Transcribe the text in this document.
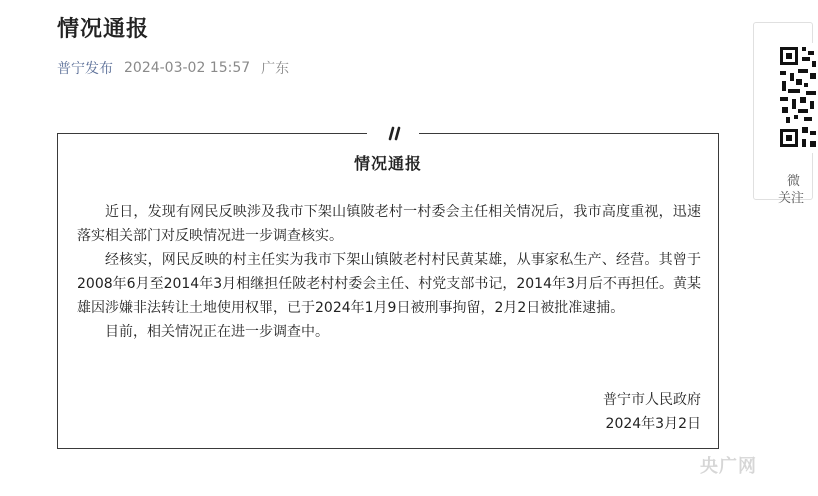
情况通报
普宁发布 2024-03-02 15:57 广东
情况通报

近日，发现有网民反映涉及我市下架山镇陂老村一村委会主任相关情况后，我市高度重视，迅速落实相关部门对反映情况进一步调查核实。

经核实，网民反映的村主任实为我市下架山镇陂老村村民黄某雄，从事家私生产、经营。其曾于2008年6月至2014年3月相继担任陂老村村委会主任、村党支部书记，2014年3月后不再担任。黄某雄因涉嫌非法转让土地使用权罪，已于2024年1月9日被刑事拘留，2月2日被批准逮捕。

目前，相关情况正在进一步调查中。

普宁市人民政府
2024年3月2日
微
关注
央广网
